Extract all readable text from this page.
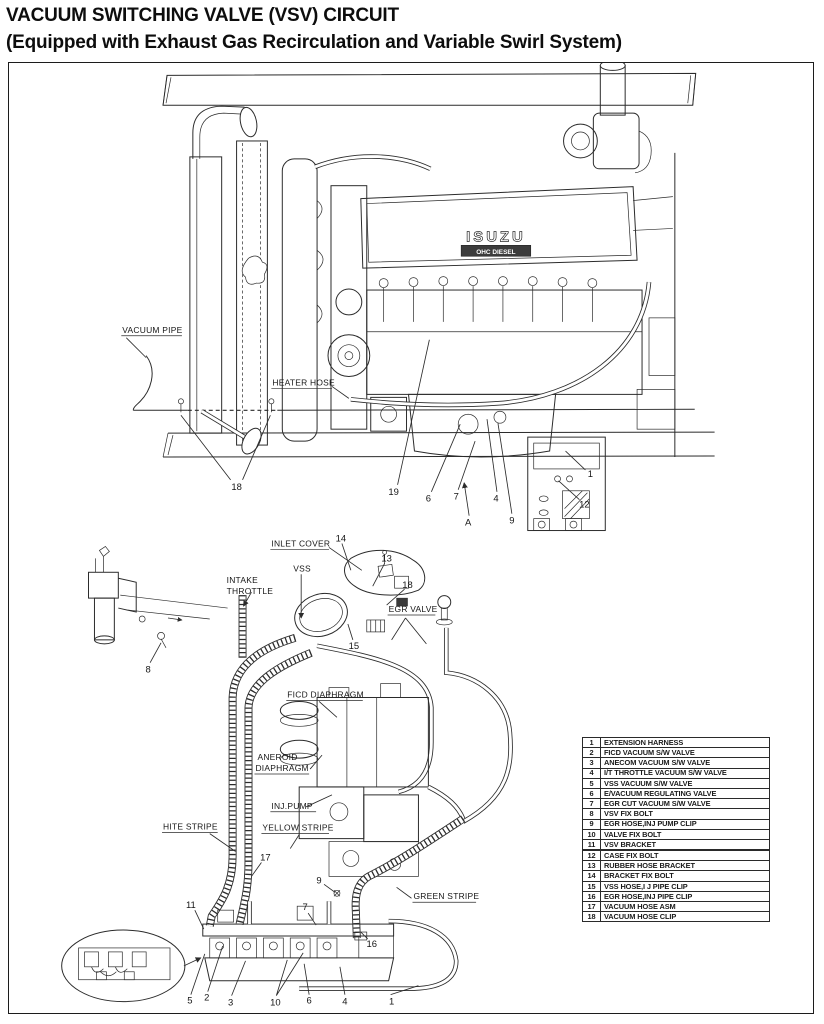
VACUUM SWITCHING VALVE (VSV) CIRCUIT
(Equipped with Exhaust Gas Recirculation and Variable Swirl System)
ISUZU
OHC DIESEL
VACUUM PIPE
HEATER HOSE
INLET COVER
VSS
INTAKE
THROTTLE
EGR VALVE
FICD DIAPHRAGM
ANEROID
DIAPHRAGM
INJ.PUMP
HITE STRIPE	YELLOW STRIPE
GREEN STRIPE
18	19
6 7	4
A	9
1
12
14
13
18
15
8
17
9
11	7
16
5 2 3	10	6	4	1
1	EXTENSION HARNESS
2	FICD VACUUM S/W VALVE
3	ANECOM VACUUM S/W VALVE
4	I/T THROTTLE VACUUM S/W VALVE
5	VSS VACUUM S/W VALVE
6	E/VACUUM REGULATING VALVE
7	EGR CUT VACUUM S/W VALVE
8	VSV FIX BOLT
9	EGR HOSE,INJ PUMP CLIP
10	VALVE FIX BOLT
11	VSV BRACKET
12	CASE FIX BOLT
13	RUBBER HOSE BRACKET
14	BRACKET FIX BOLT
15	VSS HOSE,I J PIPE CLIP
16	EGR HOSE,INJ PIPE CLIP
17	VACUUM HOSE ASM
18	VACUUM HOSE CLIP
